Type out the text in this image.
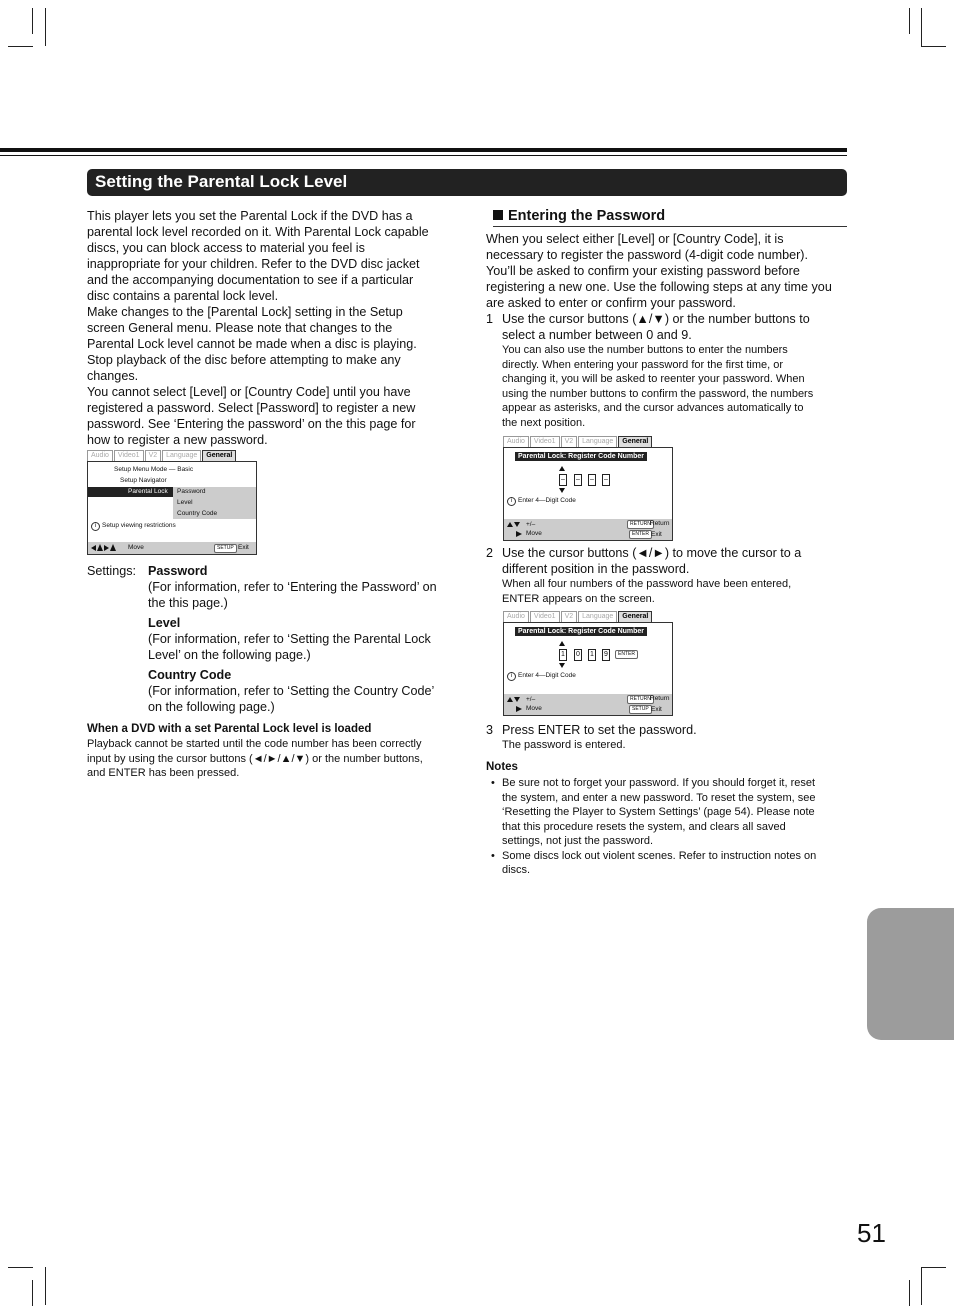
Setting the Parental Lock Level
This player lets you set the Parental Lock if the DVD has a
parental lock level recorded on it. With Parental Lock capable
discs, you can block access to material you feel is
inappropriate for your children. Refer to the DVD disc jacket
and the accompanying documentation to see if a particular
disc contains a parental lock level.
Make changes to the [Parental Lock] setting in the Setup
screen General menu. Please note that changes to the
Parental Lock level cannot be made when a disc is playing.
Stop playback of the disc before attempting to make any
changes.
You cannot select [Level] or [Country Code] until you have
registered a password. Select [Password] to register a new
password. See ‘Entering the password’ on the this page for
how to register a new password.
Audio	Video1	V2	Language	General
Setup Menu Mode — Basic
Setup Navigator
Parental Lock Password
Level
Country Code
i Setup viewing restrictions
Move	SETUP Exit
Settings: Password
(For information, refer to ‘Entering the Password’ on
the this page.)
Level
(For information, refer to ‘Setting the Parental Lock
Level’ on the following page.)
Country Code
(For information, refer to ‘Setting the Country Code’
on the following page.)
When a DVD with a set Parental Lock level is loaded
Playback cannot be started until the code number has been correctly
input by using the cursor buttons (◄/►/▲/▼) or the number buttons,
and ENTER has been pressed.
Entering the Password
When you select either [Level] or [Country Code], it is
necessary to register the password (4-digit code number).
You’ll be asked to confirm your existing password before
registering a new one. Use the following steps at any time you
are asked to enter or confirm your password.
1 Use the cursor buttons (▲/▼) or the number buttons to
select a number between 0 and 9.
You can also use the number buttons to enter the numbers
directly. When entering your password for the first time, or
changing it, you will be asked to reenter your password. When
using the number buttons to confirm the password, the numbers
appear as asterisks, and the cursor advances automatically to
the next position.
Audio	Video1	V2	Language	General
Parental Lock: Register Code Number
– – – –
i Enter 4—Digit Code
+/–
Move
RETURN Return
ENTER Exit
2 Use the cursor buttons (◄/►) to move the cursor to a
different position in the password.
When all four numbers of the password have been entered,
ENTER appears on the screen.
Audio	Video1	V2	Language	General
Parental Lock: Register Code Number
1 0 1 9	ENTER
i Enter 4—Digit Code
+/–
Move
RETURN Return
SETUP Exit
3 Press ENTER to set the password.
The password is entered.
Notes
• Be sure not to forget your password. If you should forget it, reset
the system, and enter a new password. To reset the system, see
‘Resetting the Player to System Settings’ (page 54). Please note
that this procedure resets the system, and clears all saved
settings, not just the password.
• Some discs lock out violent scenes. Refer to instruction notes on
discs.
51
